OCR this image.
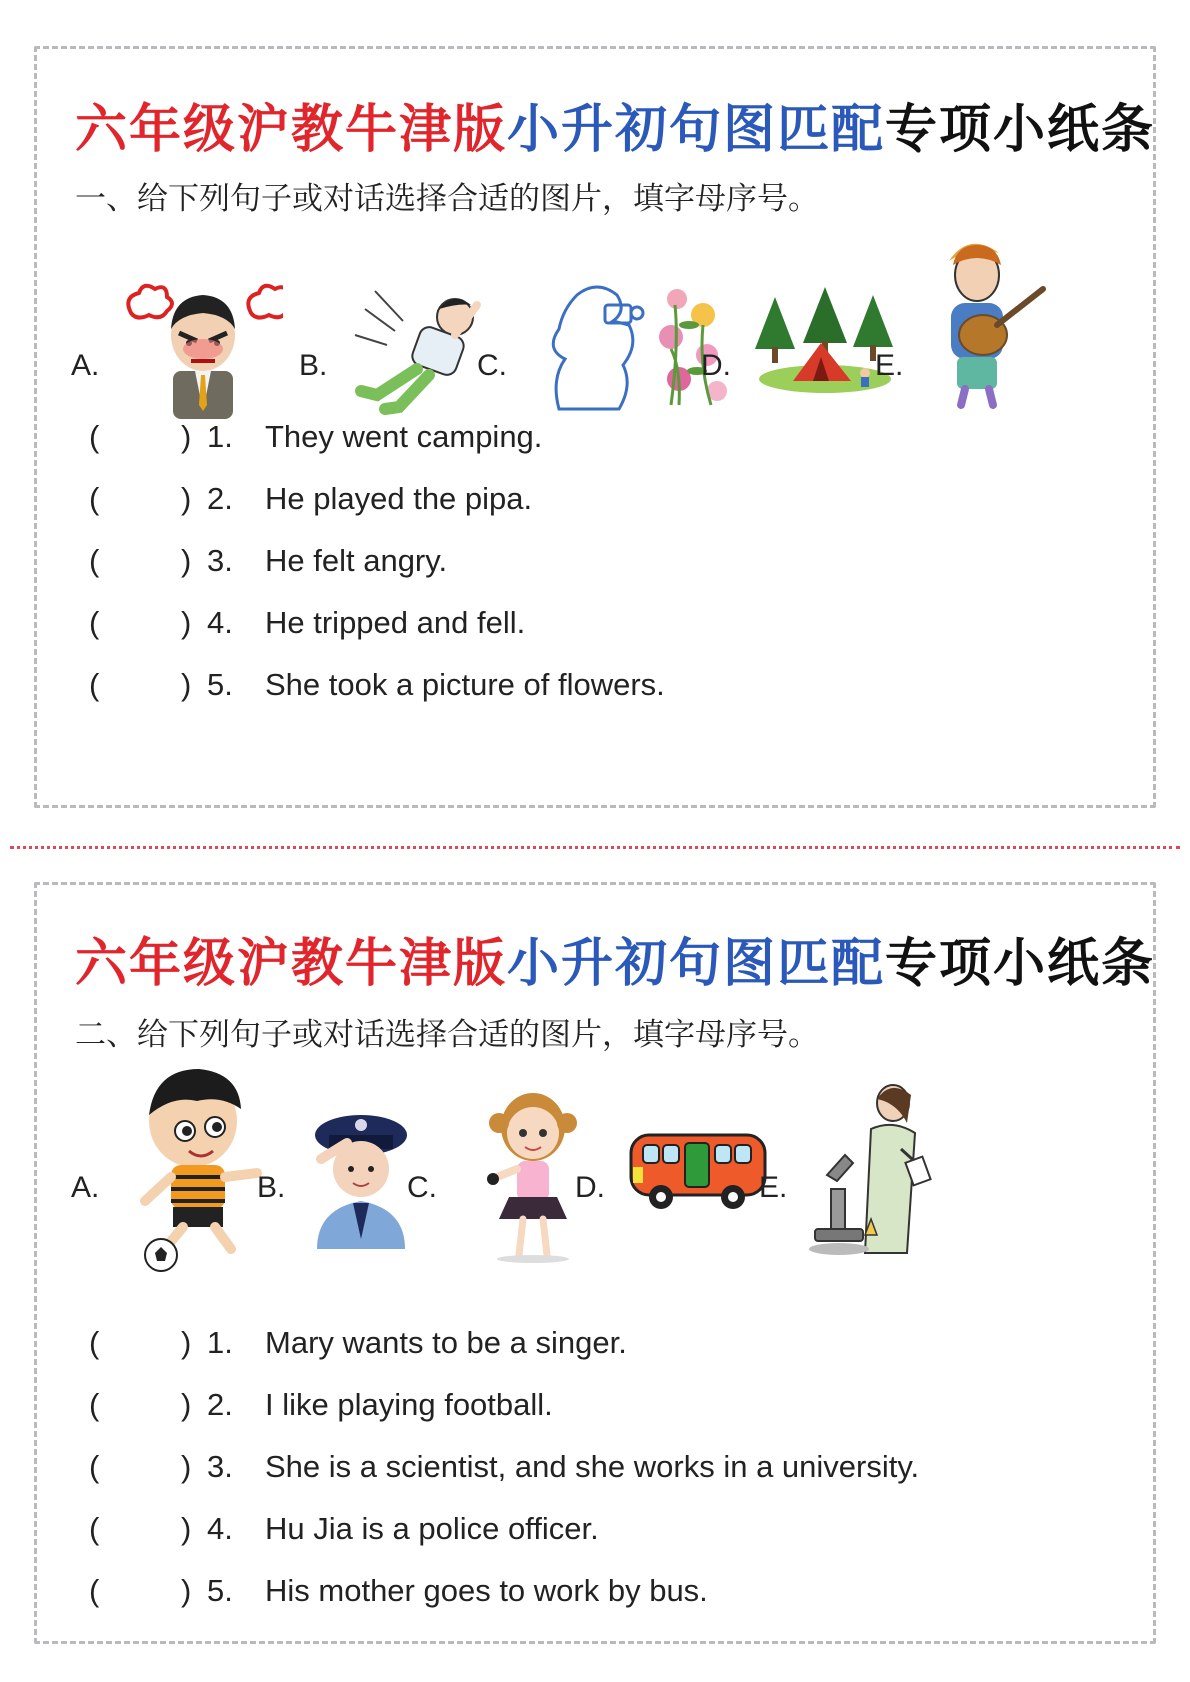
六年级沪教牛津版小升初句图匹配专项小纸条
一、给下列句子或对话选择合适的图片，填字母序号。
A.	B.	C.	D.	E.
(	) 1. They went camping.
(	) 2. He played the pipa.
(	) 3. He felt angry.
(	) 4. He tripped and fell.
(	) 5. She took a picture of flowers.
六年级沪教牛津版小升初句图匹配专项小纸条
二、给下列句子或对话选择合适的图片，填字母序号。
A.	B.	C.	D.	E.
(	) 1. Mary wants to be a singer.
(	) 2. I like playing football.
(	) 3. She is a scientist, and she works in a university.
(	) 4. Hu Jia is a police officer.
(	) 5. His mother goes to work by bus.
